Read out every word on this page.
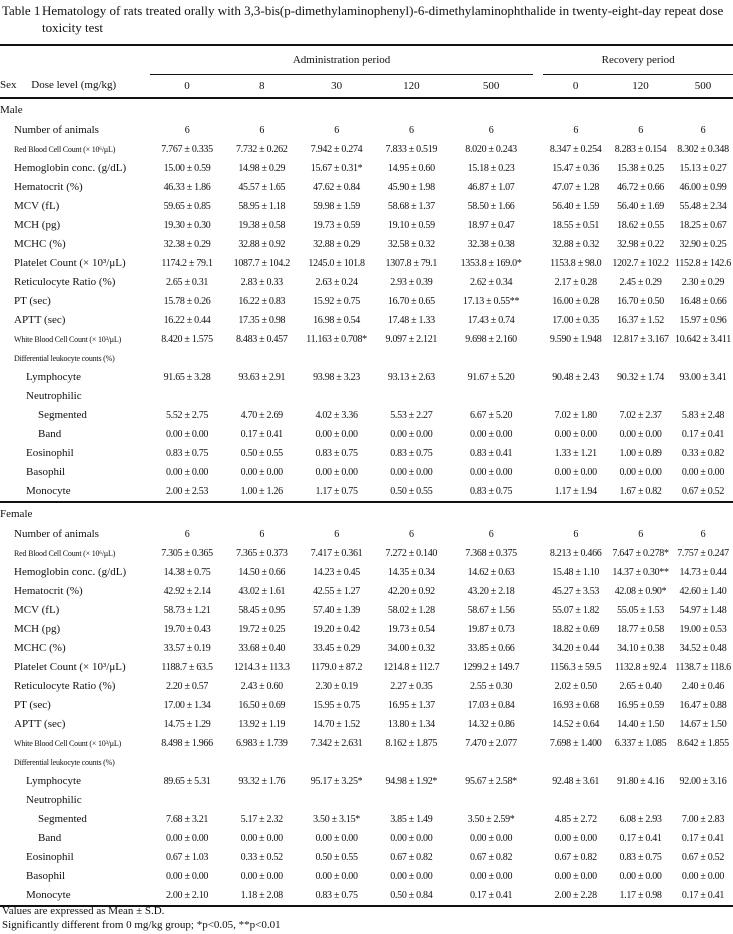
Table 1 Hematology of rats treated orally with 3,3-bis(p-dimethylaminophenyl)-6-dimethylaminophthalide in twenty-eight-day repeat dose toxicity test
	Administration period						Recovery period		
Sex Dose level (mg/kg)	0	8	30	120	500		0	120	500
Male									
Number of animals	6	6	6	6	6		6	6	6
Red Blood Cell Count (× 10⁶/μL)	7.767 ± 0.335	7.732 ± 0.262	7.942 ± 0.274	7.833 ± 0.519	8.020 ± 0.243		8.347 ± 0.254	8.283 ± 0.154	8.302 ± 0.348
Hemoglobin conc. (g/dL)	15.00 ± 0.59	14.98 ± 0.29	15.67 ± 0.31*	14.95 ± 0.60	15.18 ± 0.23		15.47 ± 0.36	15.38 ± 0.25	15.13 ± 0.27
Hematocrit (%)	46.33 ± 1.86	45.57 ± 1.65	47.62 ± 0.84	45.90 ± 1.98	46.87 ± 1.07		47.07 ± 1.28	46.72 ± 0.66	46.00 ± 0.99
MCV (fL)	59.65 ± 0.85	58.95 ± 1.18	59.98 ± 1.59	58.68 ± 1.37	58.50 ± 1.66		56.40 ± 1.59	56.40 ± 1.69	55.48 ± 2.34
MCH (pg)	19.30 ± 0.30	19.38 ± 0.58	19.73 ± 0.59	19.10 ± 0.59	18.97 ± 0.47		18.55 ± 0.51	18.62 ± 0.55	18.25 ± 0.67
MCHC (%)	32.38 ± 0.29	32.88 ± 0.92	32.88 ± 0.29	32.58 ± 0.32	32.38 ± 0.38		32.88 ± 0.32	32.98 ± 0.22	32.90 ± 0.25
Platelet Count (× 10³/μL)	1174.2 ± 79.1	1087.7 ± 104.2	1245.0 ± 101.8	1307.8 ± 79.1	1353.8 ± 169.0*		1153.8 ± 98.0	1202.7 ± 102.2	1152.8 ± 142.6
Reticulocyte Ratio (%)	2.65 ± 0.31	2.83 ± 0.33	2.63 ± 0.24	2.93 ± 0.39	2.62 ± 0.34		2.17 ± 0.28	2.45 ± 0.29	2.30 ± 0.29
PT (sec)	15.78 ± 0.26	16.22 ± 0.83	15.92 ± 0.75	16.70 ± 0.65	17.13 ± 0.55**		16.00 ± 0.28	16.70 ± 0.50	16.48 ± 0.66
APTT (sec)	16.22 ± 0.44	17.35 ± 0.98	16.98 ± 0.54	17.48 ± 1.33	17.43 ± 0.74		17.00 ± 0.35	16.37 ± 1.52	15.97 ± 0.96
White Blood Cell Count (× 10³/μL)	8.420 ± 1.575	8.483 ± 0.457	11.163 ± 0.708*	9.097 ± 2.121	9.698 ± 2.160		9.590 ± 1.948	12.817 ± 3.167	10.642 ± 3.411
Differential leukocyte counts (%)									
Lymphocyte	91.65 ± 3.28	93.63 ± 2.91	93.98 ± 3.23	93.13 ± 2.63	91.67 ± 5.20		90.48 ± 2.43	90.32 ± 1.74	93.00 ± 3.41
Neutrophilic									
Segmented	5.52 ± 2.75	4.70 ± 2.69	4.02 ± 3.36	5.53 ± 2.27	6.67 ± 5.20		7.02 ± 1.80	7.02 ± 2.37	5.83 ± 2.48
Band	0.00 ± 0.00	0.17 ± 0.41	0.00 ± 0.00	0.00 ± 0.00	0.00 ± 0.00		0.00 ± 0.00	0.00 ± 0.00	0.17 ± 0.41
Eosinophil	0.83 ± 0.75	0.50 ± 0.55	0.83 ± 0.75	0.83 ± 0.75	0.83 ± 0.41		1.33 ± 1.21	1.00 ± 0.89	0.33 ± 0.82
Basophil	0.00 ± 0.00	0.00 ± 0.00	0.00 ± 0.00	0.00 ± 0.00	0.00 ± 0.00		0.00 ± 0.00	0.00 ± 0.00	0.00 ± 0.00
Monocyte	2.00 ± 2.53	1.00 ± 1.26	1.17 ± 0.75	0.50 ± 0.55	0.83 ± 0.75		1.17 ± 1.94	1.67 ± 0.82	0.67 ± 0.52
Female									
Number of animals	6	6	6	6	6		6	6	6
Red Blood Cell Count (× 10⁶/μL)	7.305 ± 0.365	7.365 ± 0.373	7.417 ± 0.361	7.272 ± 0.140	7.368 ± 0.375		8.213 ± 0.466	7.647 ± 0.278*	7.757 ± 0.247
Hemoglobin conc. (g/dL)	14.38 ± 0.75	14.50 ± 0.66	14.23 ± 0.45	14.35 ± 0.34	14.62 ± 0.63		15.48 ± 1.10	14.37 ± 0.30**	14.73 ± 0.44
Hematocrit (%)	42.92 ± 2.14	43.02 ± 1.61	42.55 ± 1.27	42.20 ± 0.92	43.20 ± 2.18		45.27 ± 3.53	42.08 ± 0.90*	42.60 ± 1.40
MCV (fL)	58.73 ± 1.21	58.45 ± 0.95	57.40 ± 1.39	58.02 ± 1.28	58.67 ± 1.56		55.07 ± 1.82	55.05 ± 1.53	54.97 ± 1.48
MCH (pg)	19.70 ± 0.43	19.72 ± 0.25	19.20 ± 0.42	19.73 ± 0.54	19.87 ± 0.73		18.82 ± 0.69	18.77 ± 0.58	19.00 ± 0.53
MCHC (%)	33.57 ± 0.19	33.68 ± 0.40	33.45 ± 0.29	34.00 ± 0.32	33.85 ± 0.66		34.20 ± 0.44	34.10 ± 0.38	34.52 ± 0.48
Platelet Count (× 10³/μL)	1188.7 ± 63.5	1214.3 ± 113.3	1179.0 ± 87.2	1214.8 ± 112.7	1299.2 ± 149.7		1156.3 ± 59.5	1132.8 ± 92.4	1138.7 ± 118.6
Reticulocyte Ratio (%)	2.20 ± 0.57	2.43 ± 0.60	2.30 ± 0.19	2.27 ± 0.35	2.55 ± 0.30		2.02 ± 0.50	2.65 ± 0.40	2.40 ± 0.46
PT (sec)	17.00 ± 1.34	16.50 ± 0.69	15.95 ± 0.75	16.95 ± 1.37	17.03 ± 0.84		16.93 ± 0.68	16.95 ± 0.59	16.47 ± 0.88
APTT (sec)	14.75 ± 1.29	13.92 ± 1.19	14.70 ± 1.52	13.80 ± 1.34	14.32 ± 0.86		14.52 ± 0.64	14.40 ± 1.50	14.67 ± 1.50
White Blood Cell Count (× 10³/μL)	8.498 ± 1.966	6.983 ± 1.739	7.342 ± 2.631	8.162 ± 1.875	7.470 ± 2.077		7.698 ± 1.400	6.337 ± 1.085	8.642 ± 1.855
Differential leukocyte counts (%)									
Lymphocyte	89.65 ± 5.31	93.32 ± 1.76	95.17 ± 3.25*	94.98 ± 1.92*	95.67 ± 2.58*		92.48 ± 3.61	91.80 ± 4.16	92.00 ± 3.16
Neutrophilic									
Segmented	7.68 ± 3.21	5.17 ± 2.32	3.50 ± 3.15*	3.85 ± 1.49	3.50 ± 2.59*		4.85 ± 2.72	6.08 ± 2.93	7.00 ± 2.83
Band	0.00 ± 0.00	0.00 ± 0.00	0.00 ± 0.00	0.00 ± 0.00	0.00 ± 0.00		0.00 ± 0.00	0.17 ± 0.41	0.17 ± 0.41
Eosinophil	0.67 ± 1.03	0.33 ± 0.52	0.50 ± 0.55	0.67 ± 0.82	0.67 ± 0.82		0.67 ± 0.82	0.83 ± 0.75	0.67 ± 0.52
Basophil	0.00 ± 0.00	0.00 ± 0.00	0.00 ± 0.00	0.00 ± 0.00	0.00 ± 0.00		0.00 ± 0.00	0.00 ± 0.00	0.00 ± 0.00
Monocyte	2.00 ± 2.10	1.18 ± 2.08	0.83 ± 0.75	0.50 ± 0.84	0.17 ± 0.41		2.00 ± 2.28	1.17 ± 0.98	0.17 ± 0.41
Values are expressed as Mean ± S.D.
Significantly different from 0 mg/kg group; *p<0.05, **p<0.01
